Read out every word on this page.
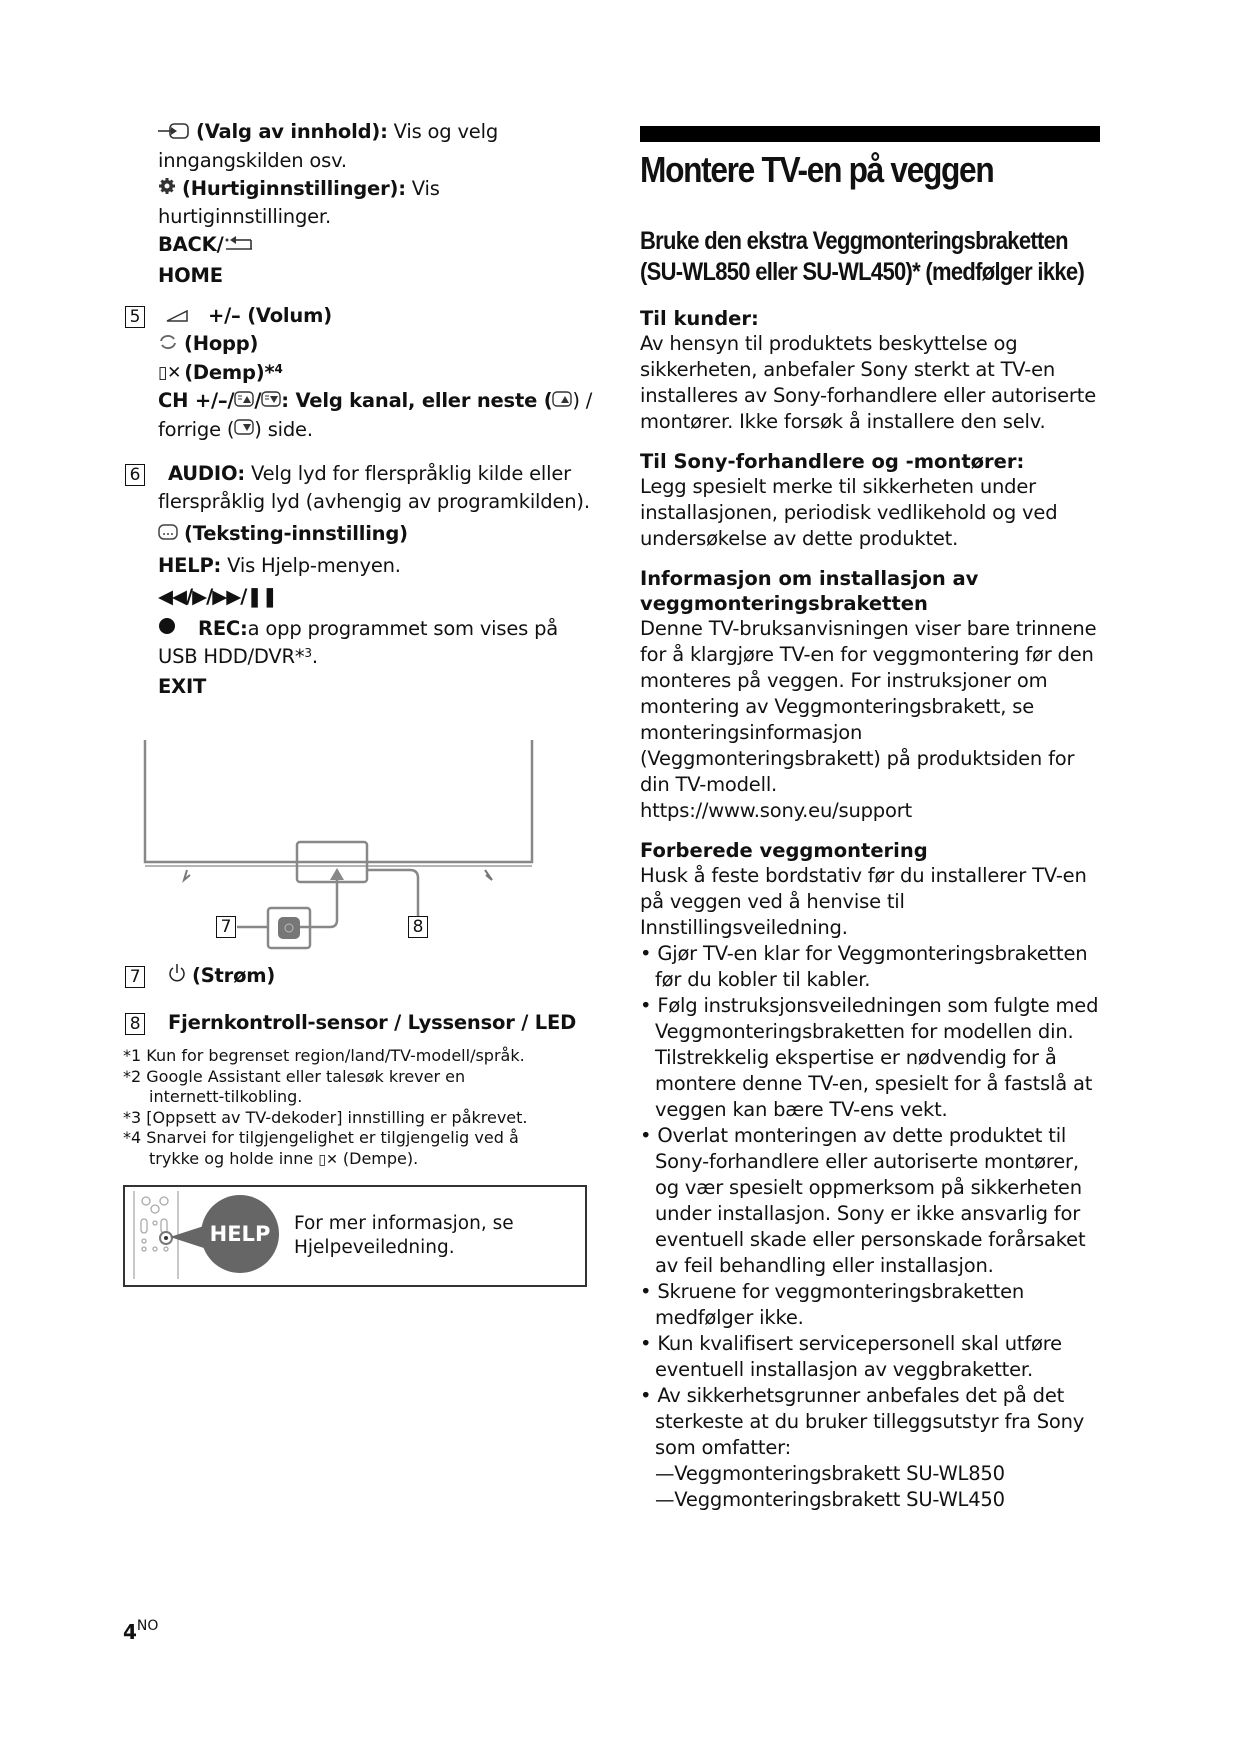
(Valg av innhold): Vis og velg
inngangskilden osv.
(Hurtiginnstillinger): Vis
hurtiginnstillinger.
BACK/
HOME
5	+/– (Volum)
(Hopp)
▯✕ (Demp)*$^4$
CH +/–/ / : Velg kanal, eller neste ( ) /
forrige ( ) side.
6	AUDIO: Velg lyd for flerspråklig kilde eller
flerspråklig lyd (avhengig av programkilden).
(Teksting-innstilling)
HELP: Vis Hjelp-menyen.
◀◀/▶/▶▶/❚❚
REC:a opp programmet som vises på
USB HDD/DVR*$^3$.
EXIT
7	8
7	(Strøm)
8 Fjernkontroll-sensor / Lyssensor / LED
*1 Kun for begrenset region/land/TV-modell/språk.
*2 Google Assistant eller talesøk krever en
internett-tilkobling.
*3 [Oppsett av TV-dekoder] innstilling er påkrevet.
*4 Snarvei for tilgjengelighet er tilgjengelig ved å
trykke og holde inne ▯✕ (Dempe).
HELP	For mer informasjon, se
Hjelpeveiledning.
Montere TV-en på veggen
Bruke den ekstra Veggmonteringsbraketten
(SU-WL850 eller SU-WL450)* (medfølger ikke)
Til kunder:
Av hensyn til produktets beskyttelse og
sikkerheten, anbefaler Sony sterkt at TV-en
installeres av Sony-forhandlere eller autoriserte
montører. Ikke forsøk å installere den selv.
Til Sony-forhandlere og -montører:
Legg spesielt merke til sikkerheten under
installasjonen, periodisk vedlikehold og ved
undersøkelse av dette produktet.
Informasjon om installasjon av
veggmonteringsbraketten
Denne TV-bruksanvisningen viser bare trinnene
for å klargjøre TV-en for veggmontering før den
monteres på veggen. For instruksjoner om
montering av Veggmonteringsbrakett, se
monteringsinformasjon
(Veggmonteringsbrakett) på produktsiden for
din TV-modell.
https://www.sony.eu/support
Forberede veggmontering
Husk å feste bordstativ før du installerer TV-en
på veggen ved å henvise til
Innstillingsveiledning.
• Gjør TV-en klar for Veggmonteringsbraketten
før du kobler til kabler.
• Følg instruksjonsveiledningen som fulgte med
Veggmonteringsbraketten for modellen din.
Tilstrekkelig ekspertise er nødvendig for å
montere denne TV-en, spesielt for å fastslå at
veggen kan bære TV-ens vekt.
• Overlat monteringen av dette produktet til
Sony-forhandlere eller autoriserte montører,
og vær spesielt oppmerksom på sikkerheten
under installasjon. Sony er ikke ansvarlig for
eventuell skade eller personskade forårsaket
av feil behandling eller installasjon.
• Skruene for veggmonteringsbraketten
medfølger ikke.
• Kun kvalifisert servicepersonell skal utføre
eventuell installasjon av veggbraketter.
• Av sikkerhetsgrunner anbefales det på det
sterkeste at du bruker tilleggsutstyr fra Sony
som omfatter:
—Veggmonteringsbrakett SU-WL850
—Veggmonteringsbrakett SU-WL450
$4^{NO}$
